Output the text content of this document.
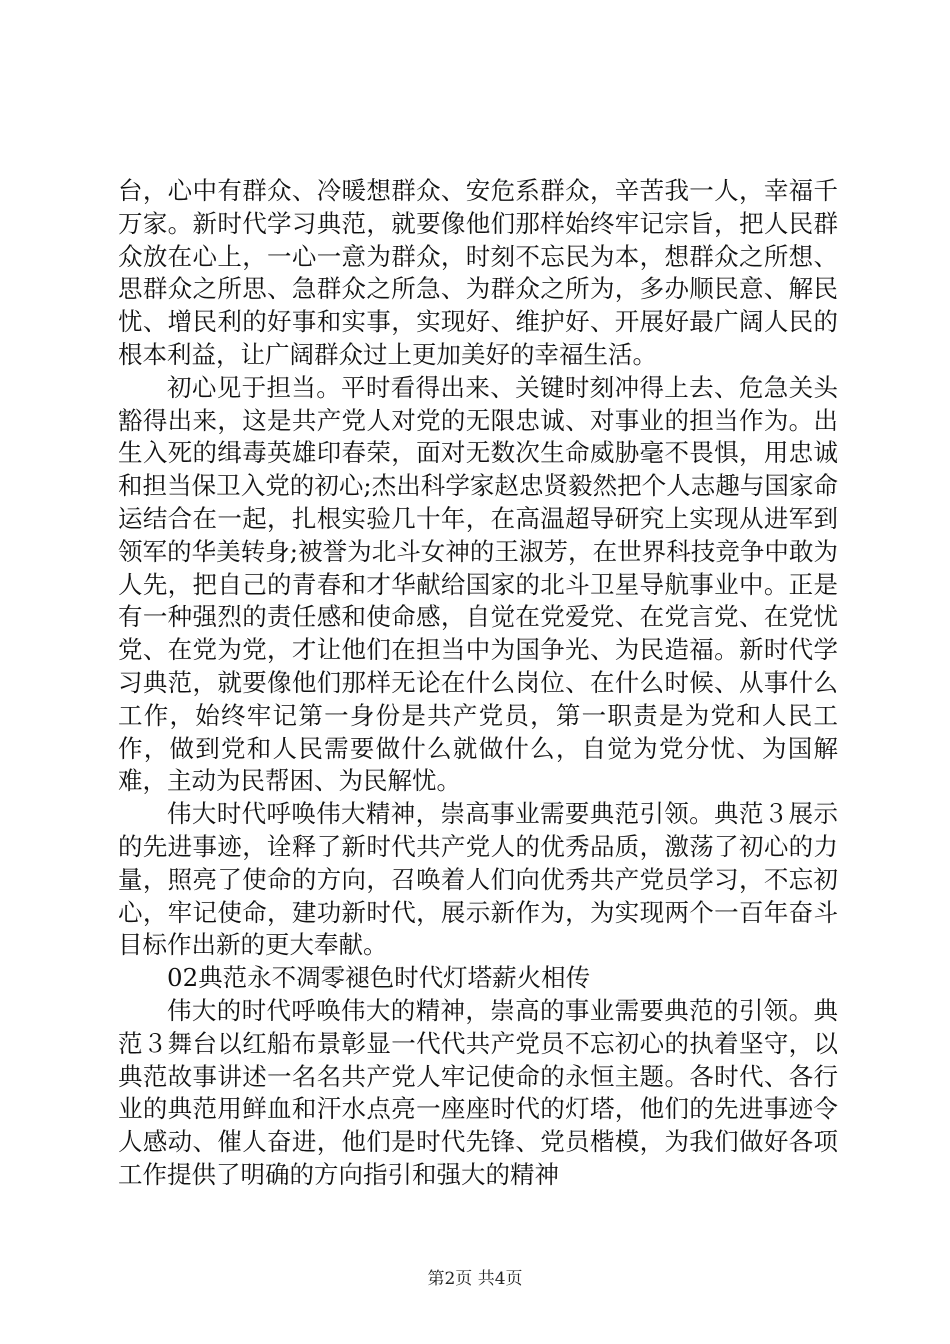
台，心中有群众、冷暖想群众、安危系群众，辛苦我一人，幸福千万家。新时代学习典范，就要像他们那样始终牢记宗旨，把人民群众放在心上，一心一意为群众，时刻不忘民为本，想群众之所想、思群众之所思、急群众之所急、为群众之所为，多办顺民意、解民忧、增民利的好事和实事，实现好、维护好、开展好最广阔人民的根本利益，让广阔群众过上更加美好的幸福生活。

初心见于担当。平时看得出来、关键时刻冲得上去、危急关头豁得出来，这是共产党人对党的无限忠诚、对事业的担当作为。出生入死的缉毒英雄印春荣，面对无数次生命威胁毫不畏惧，用忠诚和担当保卫入党的初心;杰出科学家赵忠贤毅然把个人志趣与国家命运结合在一起，扎根实验几十年，在高温超导研究上实现从进军到领军的华美转身;被誉为北斗女神的王淑芳，在世界科技竞争中敢为人先，把自己的青春和才华献给国家的北斗卫星导航事业中。正是有一种强烈的责任感和使命感，自觉在党爱党、在党言党、在党忧党、在党为党，才让他们在担当中为国争光、为民造福。新时代学习典范，就要像他们那样无论在什么岗位、在什么时候、从事什么工作，始终牢记第一身份是共产党员，第一职责是为党和人民工作，做到党和人民需要做什么就做什么，自觉为党分忧、为国解难，主动为民帮困、为民解忧。

伟大时代呼唤伟大精神，崇高事业需要典范引领。典范３展示的先进事迹，诠释了新时代共产党人的优秀品质，激荡了初心的力量，照亮了使命的方向，召唤着人们向优秀共产党员学习，不忘初心，牢记使命，建功新时代，展示新作为，为实现两个一百年奋斗目标作出新的更大奉献。

02典范永不凋零褪色时代灯塔薪火相传

伟大的时代呼唤伟大的精神，崇高的事业需要典范的引领。典范３舞台以红船布景彰显一代代共产党员不忘初心的执着坚守，以典范故事讲述一名名共产党人牢记使命的永恒主题。各时代、各行业的典范用鲜血和汗水点亮一座座时代的灯塔，他们的先进事迹令人感动、催人奋进，他们是时代先锋、党员楷模，为我们做好各项工作提供了明确的方向指引和强大的精神

第2页 共4页
